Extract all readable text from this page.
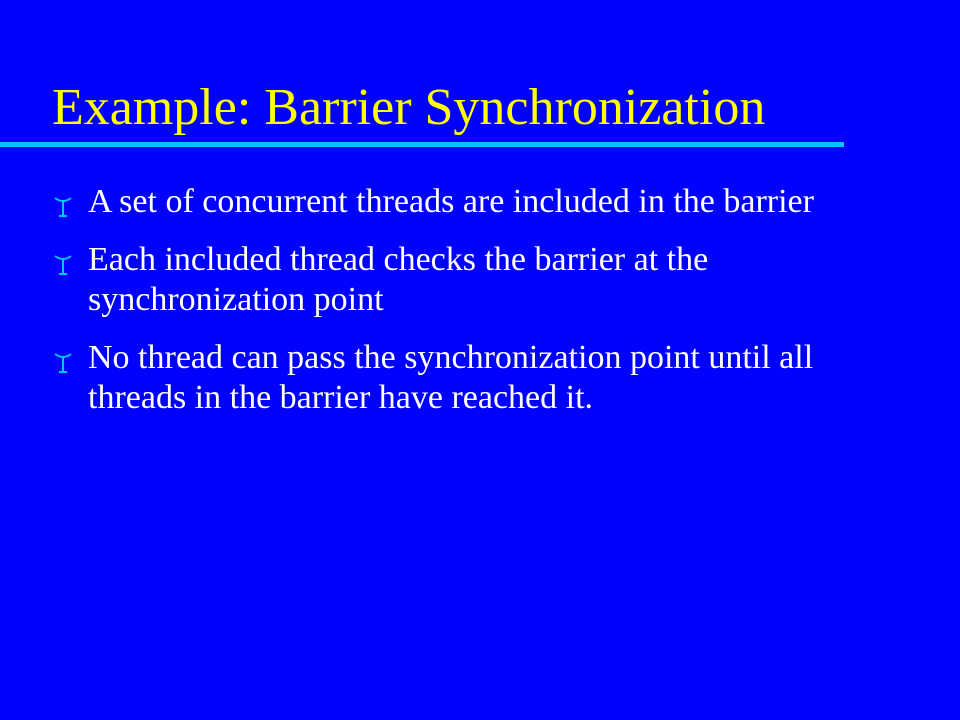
Example: Barrier Synchronization
A set of concurrent threads are included in the barrier
Each included thread checks the barrier at the synchronization point
No thread can pass the synchronization point until all threads in the barrier have reached it.
